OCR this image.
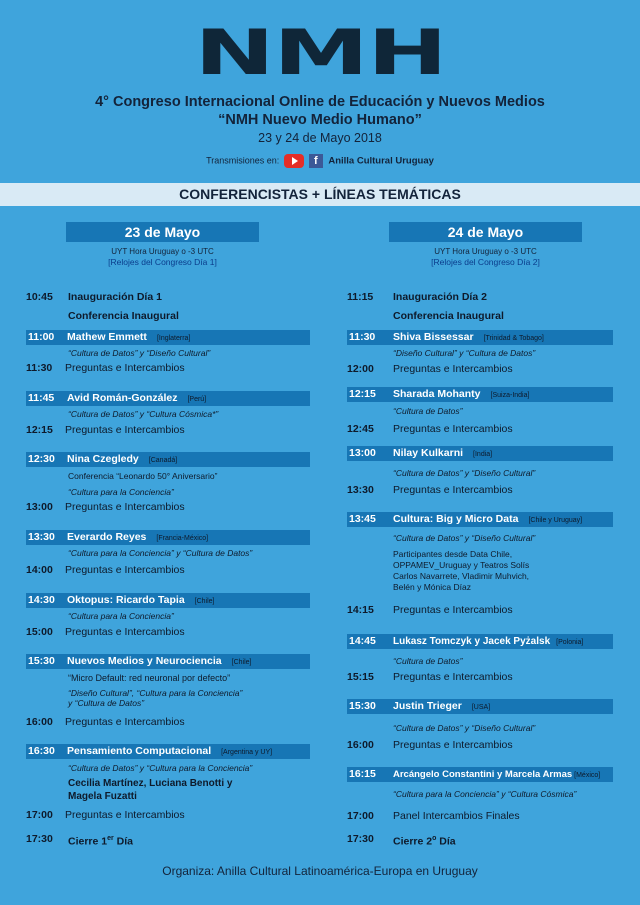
NMH
4° Congreso Internacional Online de Educación y Nuevos Medios
“NMH Nuevo Medio Humano”
23 y 24 de Mayo 2018
Transmisiones en:	f Anilla Cultural Uruguay
CONFERENCISTAS + LÍNEAS TEMÁTICAS
23 de Mayo
UYT Hora Uruguay o -3 UTC
[Relojes del Congreso Día 1]
10:45	Inauguración Día 1
Conferencia Inaugural
11:00 Mathew Emmett [Inglaterra]
“Cultura de Datos” y “Diseño Cultural”
11:30	Preguntas e Intercambios
11:45 Avid Román-González [Perú]
“Cultura de Datos” y “Cultura Cósmica*”
12:15	Preguntas e Intercambios
12:30 Nina Czegledy [Canadá]
Conferencia “Leonardo 50° Aniversario”
“Cultura para la Conciencia”
13:00	Preguntas e Intercambios
13:30 Everardo Reyes [Francia-México]
“Cultura para la Conciencia” y “Cultura de Datos”
14:00	Preguntas e Intercambios
14:30 Oktopus: Ricardo Tapia [Chile]
“Cultura para la Conciencia”
15:00	Preguntas e Intercambios
15:30 Nuevos Medios y Neurociencia [Chile]
“Micro Default: red neuronal por defecto”
“Diseño Cultural”, “Cultura para la Conciencia”
y “Cultura de Datos”
16:00	Preguntas e Intercambios
16:30 Pensamiento Computacional [Argentina y UY]
“Cultura de Datos” y “Cultura para la Conciencia”
Cecilia Martínez, Luciana Benotti y
Magela Fuzatti
17:00	Preguntas e Intercambios
17:30	Cierre 1er Día
24 de Mayo
UYT Hora Uruguay o -3 UTC
[Relojes del Congreso Día 2]
11:15	Inauguración Día 2
Conferencia Inaugural
11:30 Shiva Bissessar [Trinidad & Tobago]
“Diseño Cultural” y “Cultura de Datos”
12:00	Preguntas e Intercambios
12:15 Sharada Mohanty [Suiza-India]
“Cultura de Datos”
12:45	Preguntas e Intercambios
13:00 Nilay Kulkarni [India]
“Cultura de Datos” y “Diseño Cultural”
13:30	Preguntas e Intercambios
13:45 Cultura: Big y Micro Data [Chile y Uruguay]
“Cultura de Datos” y “Diseño Cultural”
Participantes desde Data Chile,
OPPAMEV_Uruguay y Teatros Solís
Carlos Navarrete, Vladimir Muhvich,
Belén y Mónica Díaz
14:15	Preguntas e Intercambios
14:45 Lukasz Tomczyk y Jacek Pyżalsk [Polonia]
“Cultura de Datos”
15:15	Preguntas e Intercambios
15:30 Justin Trieger [USA]
“Cultura de Datos” y “Diseño Cultural”
16:00	Preguntas e Intercambios
16:15 Arcángelo Constantini y Marcela Armas [México]
“Cultura para la Conciencia” y “Cultura Cósmica”
17:00	Panel Intercambios Finales
17:30	Cierre 2$^o$ Día
Organiza: Anilla Cultural Latinoamérica-Europa en Uruguay
